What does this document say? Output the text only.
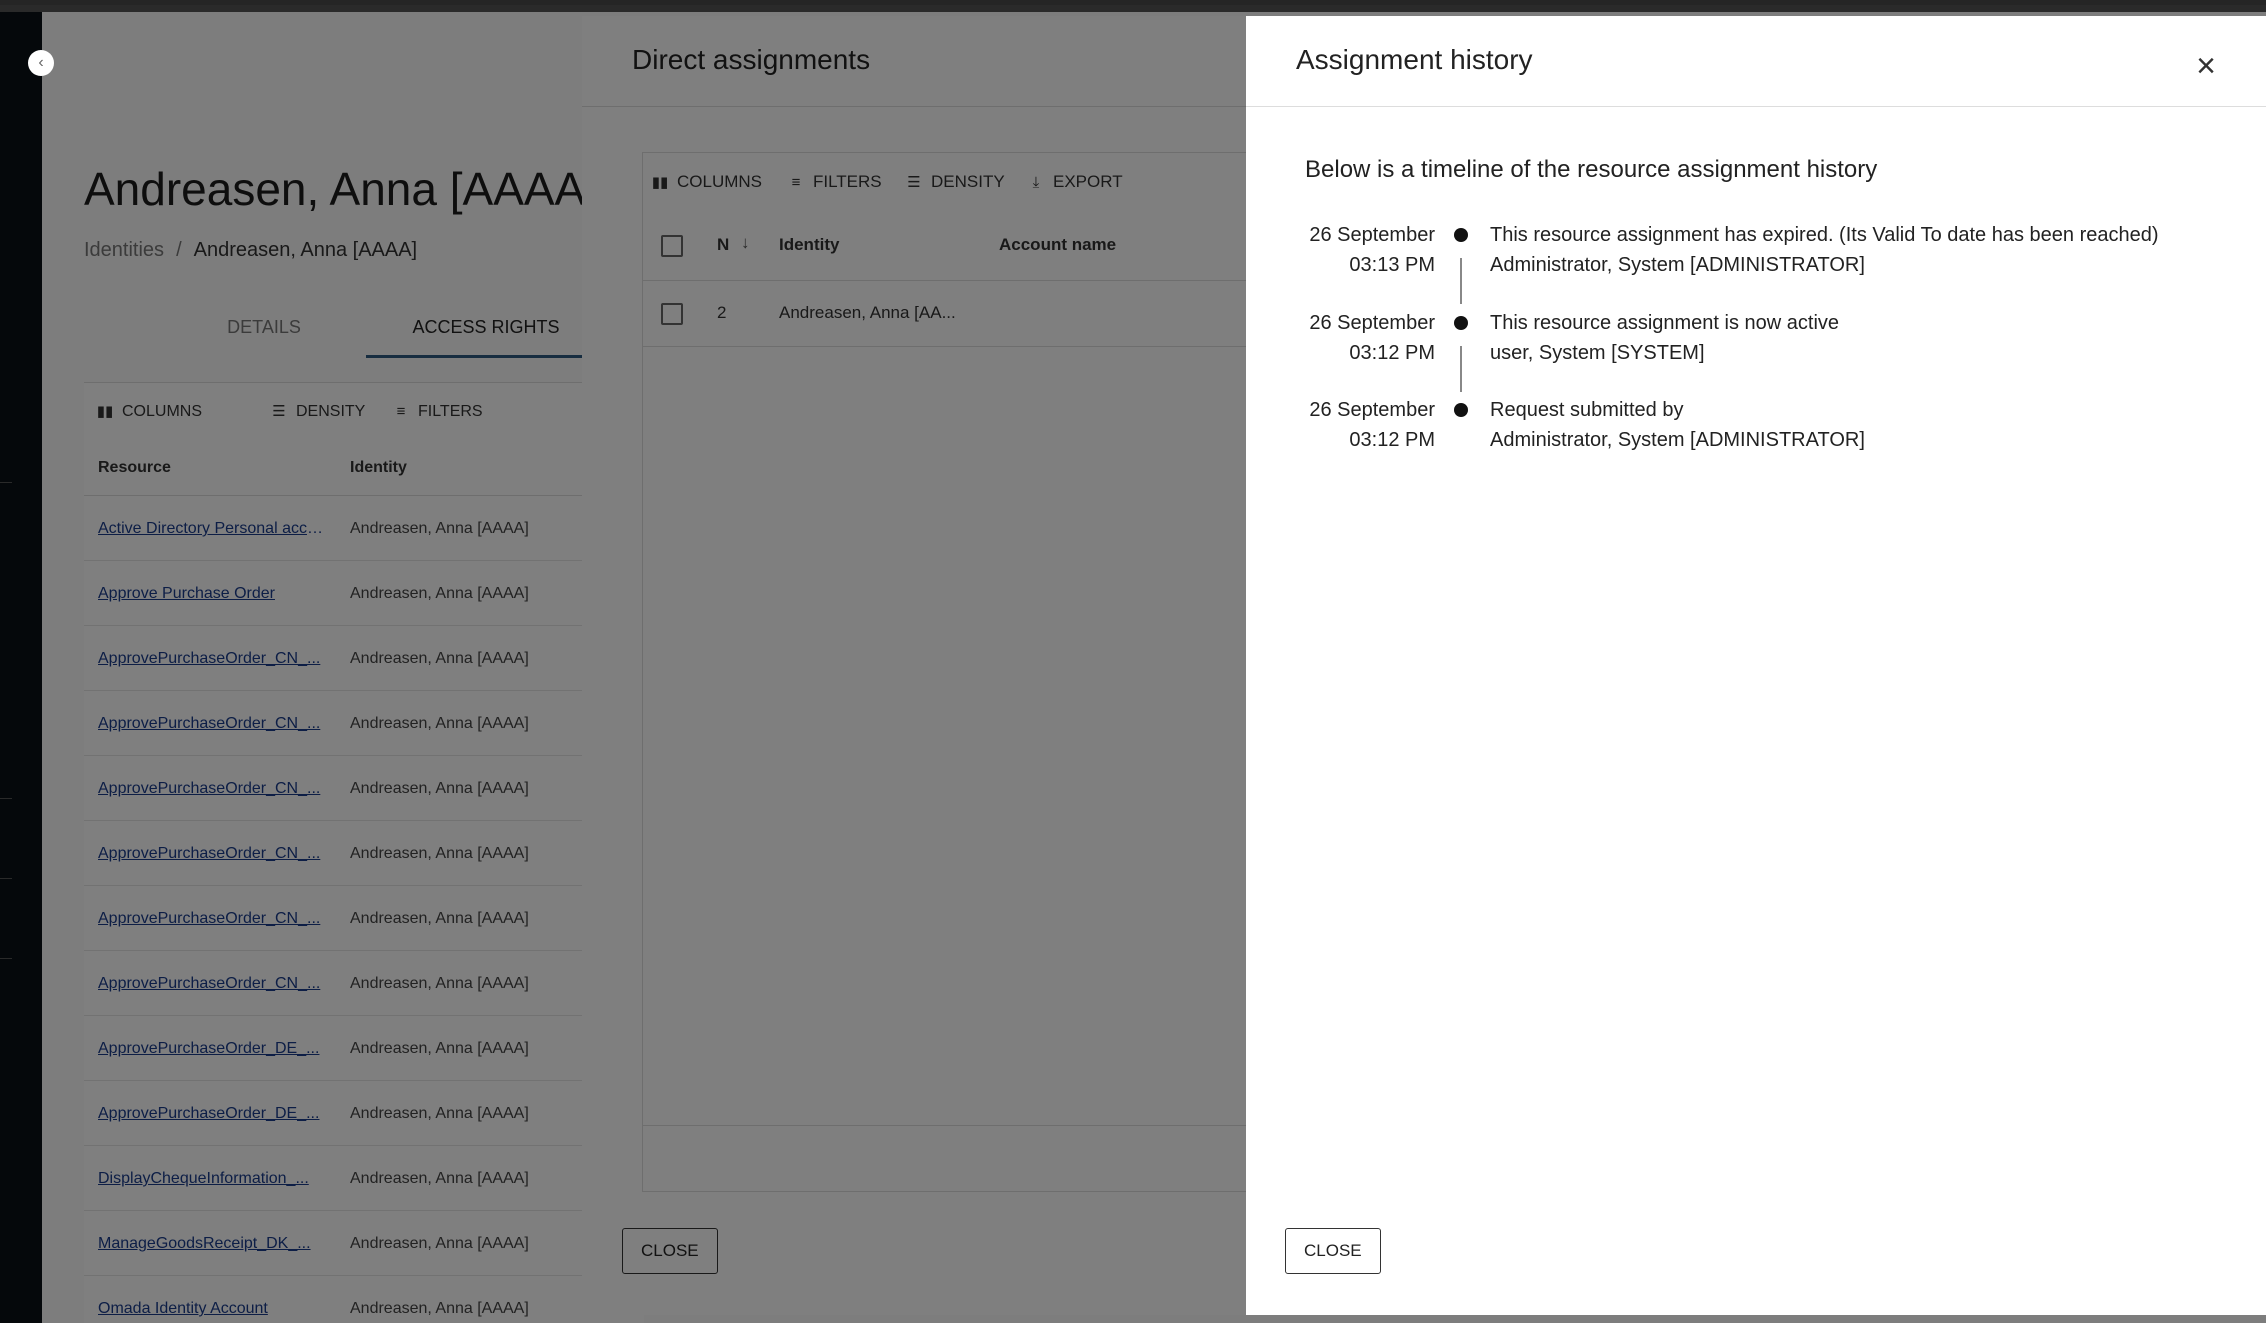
‹	Assignment history	×
Below is a timeline of the resource assignment history
26 September
03:13 PM
This resource assignment has expired. (Its Valid To date has been reached)
Administrator, System [ADMINISTRATOR]
26 September
03:12 PM
This resource assignment is now active
user, System [SYSTEM]
26 September
03:12 PM
Request submitted by
Administrator, System [ADMINISTRATOR]
CLOSE
